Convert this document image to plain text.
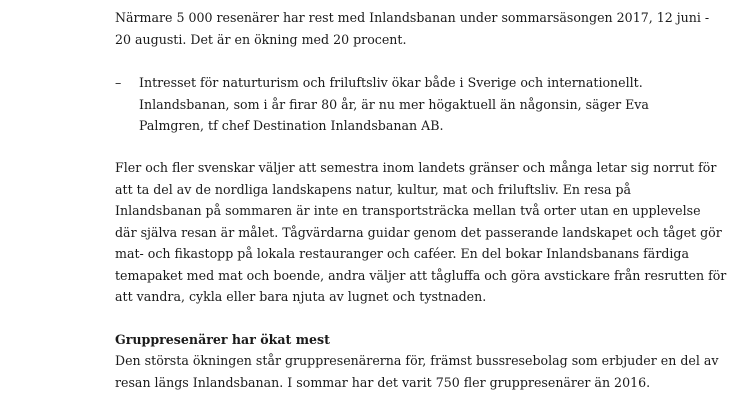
Närmare 5 000 resenärer har rest med Inlandsbanan under sommarsäsongen 2017, 12 juni -
20 augusti. Det är en ökning med 20 procent.
– Intresset för naturturism och friluftsliv ökar både i Sverige och internationellt.
Inlandsbanan, som i år firar 80 år, är nu mer högaktuell än någonsin, säger Eva
Palmgren, tf chef Destination Inlandsbanan AB.
Fler och fler svenskar väljer att semestra inom landets gränser och många letar sig norrut för
att ta del av de nordliga landskapens natur, kultur, mat och friluftsliv. En resa på
Inlandsbanan på sommaren är inte en transportsträcka mellan två orter utan en upplevelse
där själva resan är målet. Tågvärdarna guidar genom det passerande landskapet och tåget gör
mat- och fikastopp på lokala restauranger och caféer. En del bokar Inlandsbanans färdiga
temapaket med mat och boende, andra väljer att tågluffa och göra avstickare från resrutten för
att vandra, cykla eller bara njuta av lugnet och tystnaden.
Gruppresenärer har ökat mest
Den största ökningen står gruppresenärerna för, främst bussresebolag som erbjuder en del av
resan längs Inlandsbanan. I sommar har det varit 750 fler gruppresenärer än 2016.
